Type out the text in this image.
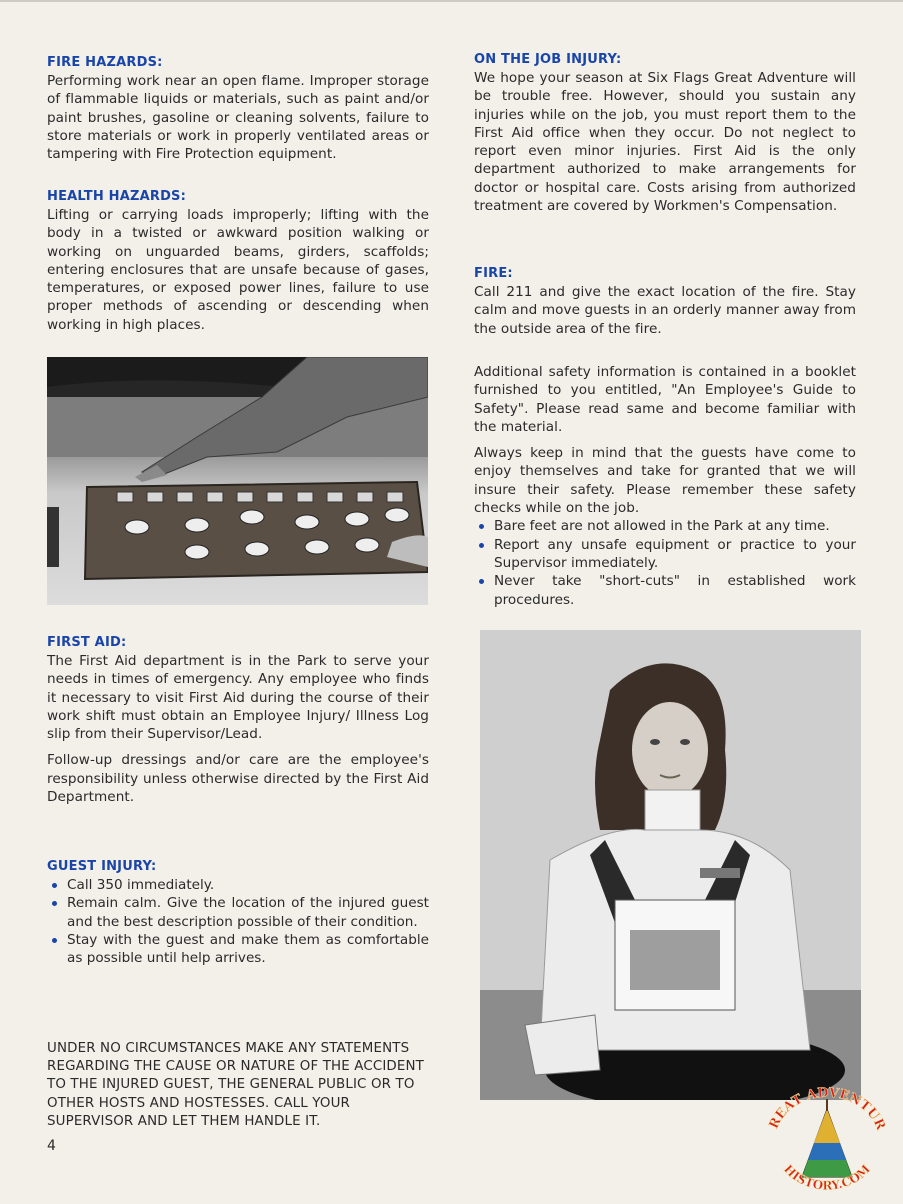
FIRE HAZARDS:

Performing work near an open flame. Improper storage of flammable liquids or materials, such as paint and/or paint brushes, gasoline or cleaning solvents, failure to store materials or work in properly ventilated areas or tampering with Fire Protection equipment.

HEALTH HAZARDS:

Lifting or carrying loads improperly; lifting with the body in a twisted or awkward position walking or working on unguarded beams, girders, scaffolds; entering enclosures that are unsafe because of gases, temperatures, or exposed power lines, failure to use proper methods of ascending or descending when working in high places.

FIRST AID:

The First Aid department is in the Park to serve your needs in times of emergency. Any employee who finds it necessary to visit First Aid during the course of their work shift must obtain an Employee Injury/ Illness Log slip from their Supervisor/Lead.

Follow-up dressings and/or care are the employee's responsibility unless otherwise directed by the First Aid Department.

GUEST INJURY:
Call 350 immediately.
Remain calm. Give the location of the injured guest and the best description possible of their condition.
Stay with the guest and make them as comfortable as possible until help arrives.

UNDER NO CIRCUMSTANCES MAKE ANY STATEMENTS REGARDING THE CAUSE OR NATURE OF THE ACCIDENT TO THE INJURED GUEST, THE GENERAL PUBLIC OR TO OTHER HOSTS AND HOSTESSES. CALL YOUR SUPERVISOR AND LET THEM HANDLE IT.

4
ON THE JOB INJURY:

We hope your season at Six Flags Great Adventure will be trouble free. However, should you sustain any injuries while on the job, you must report them to the First Aid office when they occur. Do not neglect to report even minor injuries. First Aid is the only department authorized to make arrangements for doctor or hospital care. Costs arising from authorized treatment are covered by Workmen's Compensation.

FIRE:

Call 211 and give the exact location of the fire. Stay calm and move guests in an orderly manner away from the outside area of the fire.

Additional safety information is contained in a booklet furnished to you entitled, "An Employee's Guide to Safety". Please read same and become familiar with the material.

Always keep in mind that the guests have come to enjoy themselves and take for granted that we will insure their safety. Please remember these safety checks while on the job.

Bare feet are not allowed in the Park at any time.
Report any unsafe equipment or practice to your Supervisor immediately.
Never take "short-cuts" in established work procedures.
REAT ADVENTUR
HISTORY.COM
